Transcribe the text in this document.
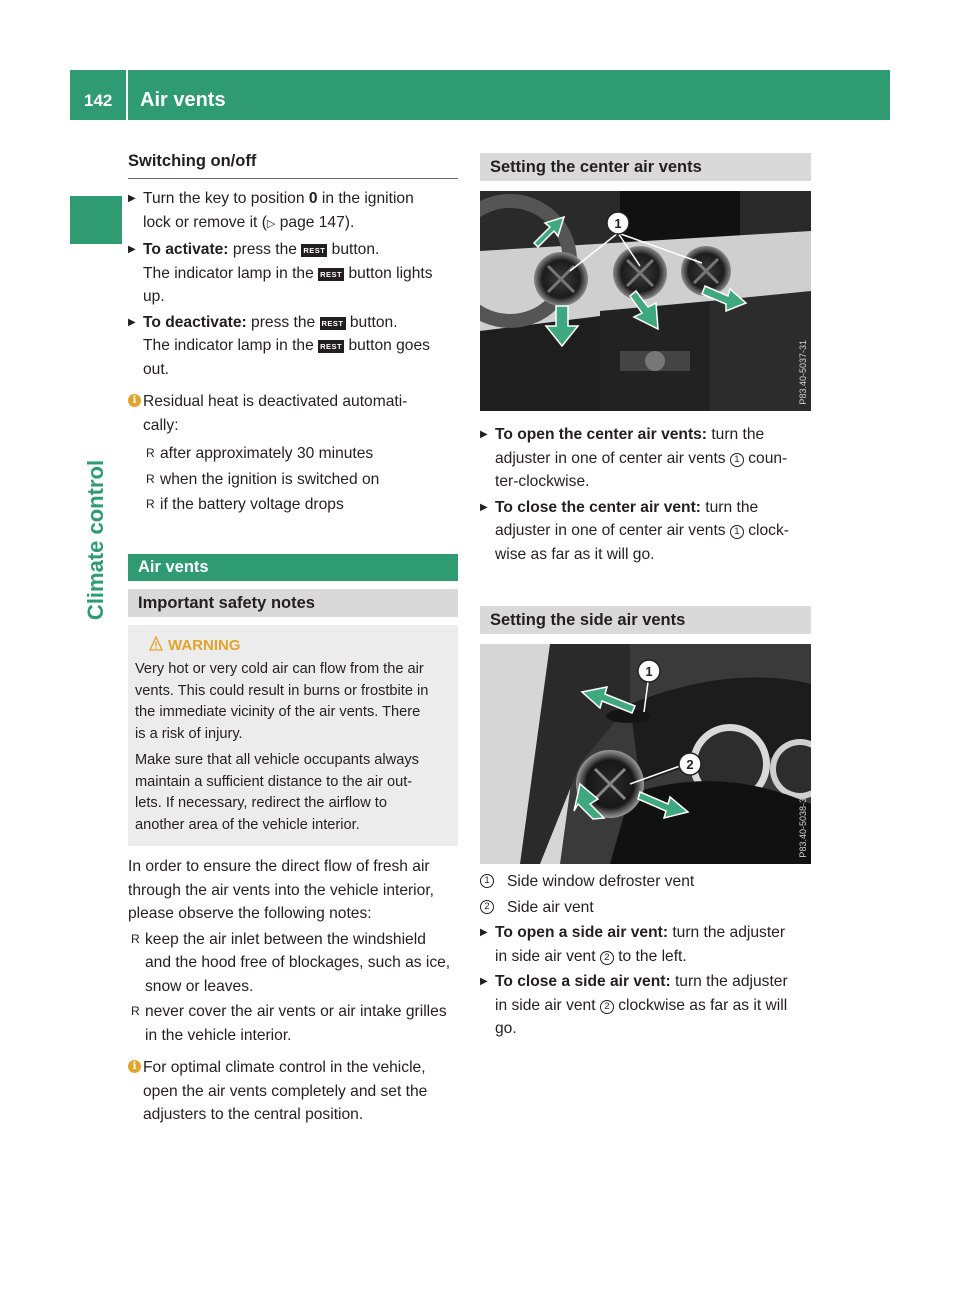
142 Air vents
Climate control
Switching on/off
▶ Turn the key to position 0 in the ignition
lock or remove it (▷ page 147).
▶ To activate: press the REST button.
The indicator lamp in the REST button lights
up.
▶ To deactivate: press the REST button.
The indicator lamp in the REST button goes
out.
i Residual heat is deactivated automati-
cally:
R after approximately 30 minutes
R when the ignition is switched on
R if the battery voltage drops
Air vents
Important safety notes
WARNING

Very hot or very cold air can flow from the air
vents. This could result in burns or frostbite in
the immediate vicinity of the air vents. There
is a risk of injury.

Make sure that all vehicle occupants always
maintain a sufficient distance to the air out-
lets. If necessary, redirect the airflow to
another area of the vehicle interior.

In order to ensure the direct flow of fresh air
through the air vents into the vehicle interior,
please observe the following notes:
R keep the air inlet between the windshield
and the hood free of blockages, such as ice,
snow or leaves.
R never cover the air vents or air intake grilles
in the vehicle interior.
i For optimal climate control in the vehicle,
open the air vents completely and set the
adjusters to the central position.
Setting the center air vents
1
P83.40-5037-31
▶ To open the center air vents: turn the
adjuster in one of center air vents 1 coun-
ter-clockwise.
▶ To close the center air vent: turn the
adjuster in one of center air vents 1 clock-
wise as far as it will go.
Setting the side air vents
1
2
P83.40-5038-31
1 Side window defroster vent
2 Side air vent
▶ To open a side air vent: turn the adjuster
in side air vent 2 to the left.
▶ To close a side air vent: turn the adjuster
in side air vent 2 clockwise as far as it will
go.
